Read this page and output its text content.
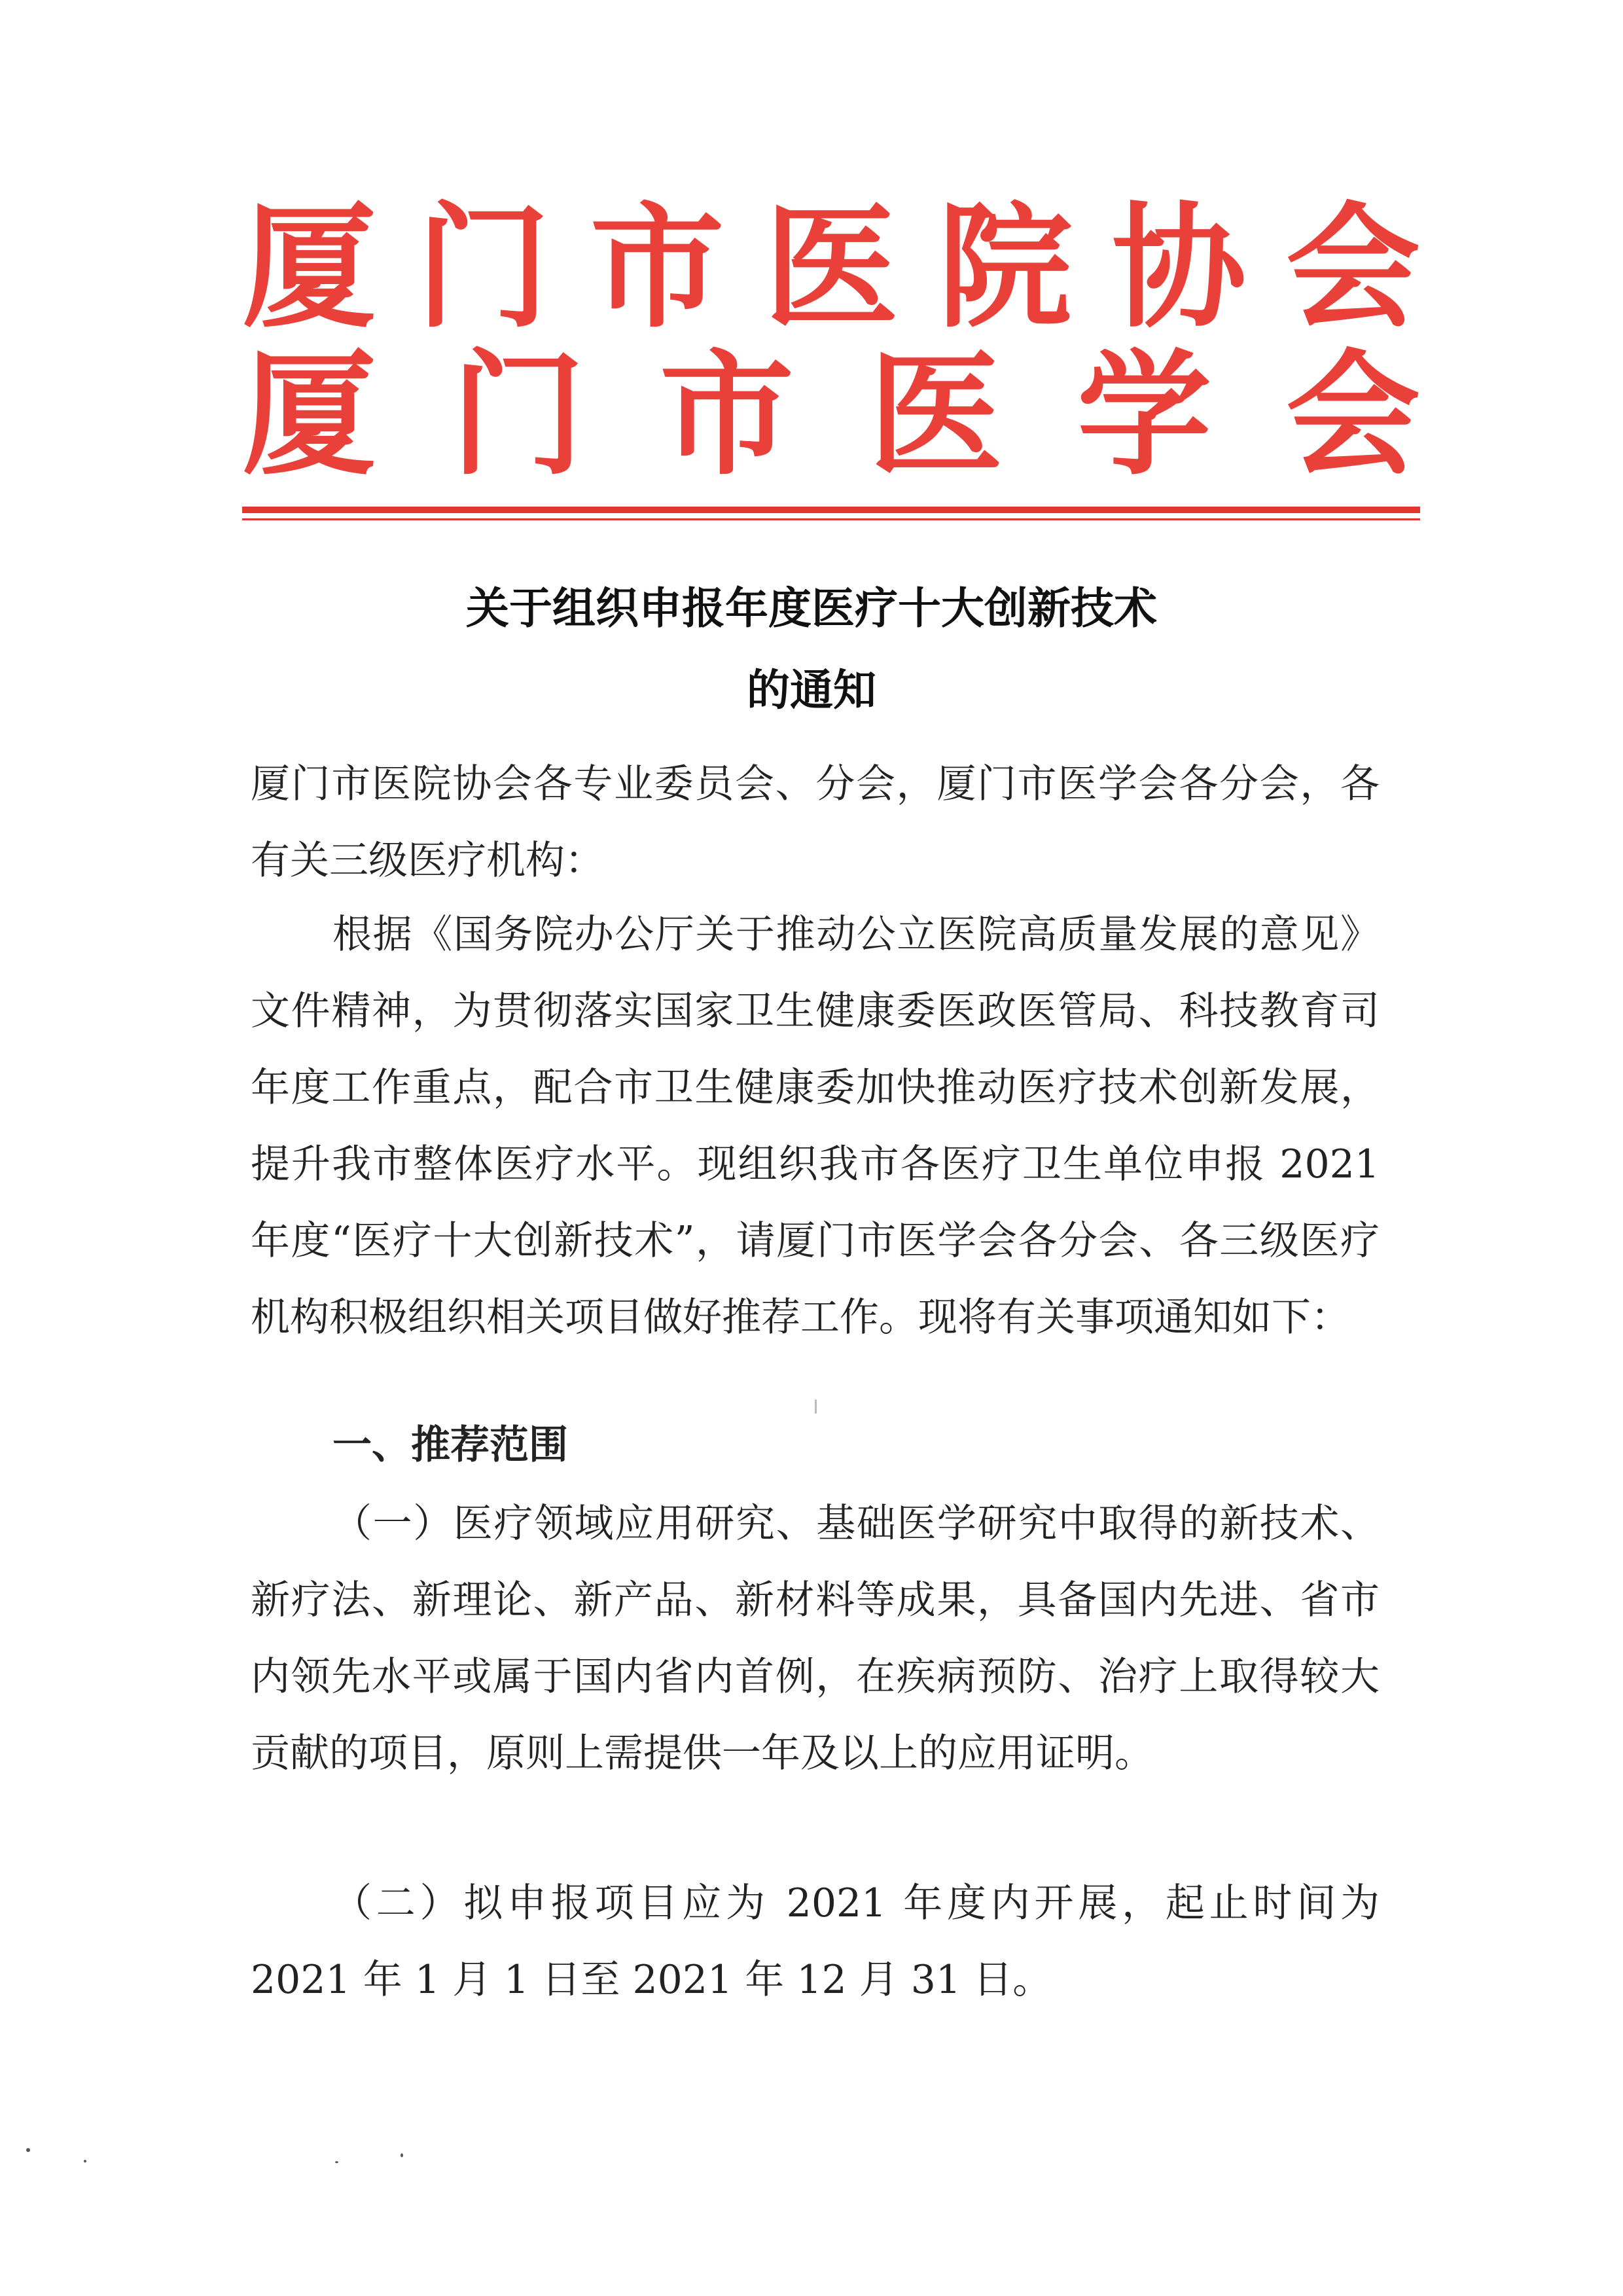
厦 门 市 医 院 协 会
厦 门 市 医 学 会
关于组织申报年度医疗十大创新技术
的通知
厦门市医院协会各专业委员会、分会，厦门市医学会各分会，各有关三级医疗机构：
根据《国务院办公厅关于推动公立医院高质量发展的意见》文件精神，为贯彻落实国家卫生健康委医政医管局、科技教育司年度工作重点，配合市卫生健康委加快推动医疗技术创新发展，提升我市整体医疗水平。现组织我市各医疗卫生单位申报 2021 年度“医疗十大创新技术”，请厦门市医学会各分会、各三级医疗机构积极组织相关项目做好推荐工作。现将有关事项通知如下：
一、推荐范围
（一）医疗领域应用研究、基础医学研究中取得的新技术、新疗法、新理论、新产品、新材料等成果，具备国内先进、省市内领先水平或属于国内省内首例，在疾病预防、治疗上取得较大贡献的项目，原则上需提供一年及以上的应用证明。
（二）拟申报项目应为 2021 年度内开展，起止时间为 2021 年 1 月 1 日至 2021 年 12 月 31 日。
